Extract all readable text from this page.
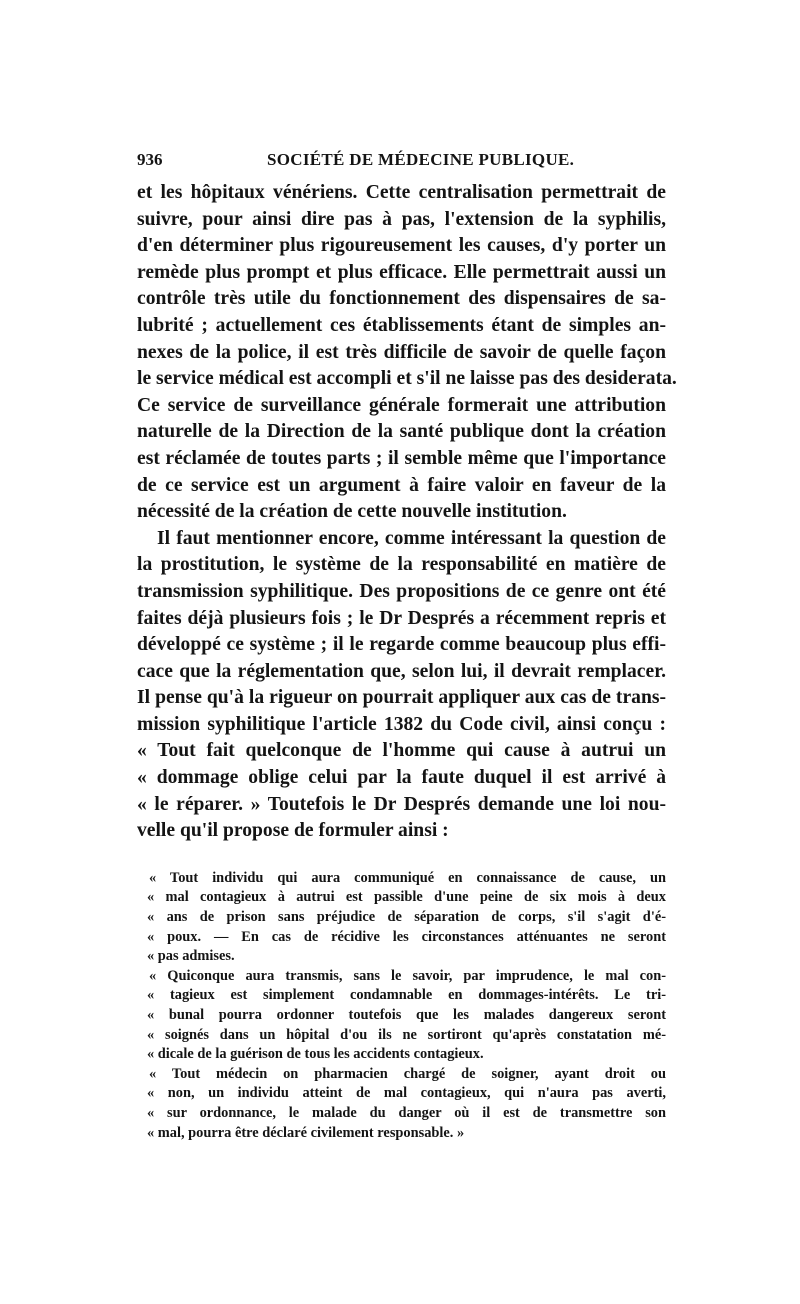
936	SOCIÉTÉ DE MÉDECINE PUBLIQUE.
et les hôpitaux vénériens. Cette centralisation permettrait de
suivre, pour ainsi dire pas à pas, l'extension de la syphilis,
d'en déterminer plus rigoureusement les causes, d'y porter un
remède plus prompt et plus efficace. Elle permettrait aussi un
contrôle très utile du fonctionnement des dispensaires de sa-
lubrité ; actuellement ces établissements étant de simples an-
nexes de la police, il est très difficile de savoir de quelle façon
le service médical est accompli et s'il ne laisse pas des desiderata.
Ce service de surveillance générale formerait une attribution
naturelle de la Direction de la santé publique dont la création
est réclamée de toutes parts ; il semble même que l'importance
de ce service est un argument à faire valoir en faveur de la
nécessité de la création de cette nouvelle institution.
Il faut mentionner encore, comme intéressant la question de
la prostitution, le système de la responsabilité en matière de
transmission syphilitique. Des propositions de ce genre ont été
faites déjà plusieurs fois ; le Dr Després a récemment repris et
développé ce système ; il le regarde comme beaucoup plus effi-
cace que la réglementation que, selon lui, il devrait remplacer.
Il pense qu'à la rigueur on pourrait appliquer aux cas de trans-
mission syphilitique l'article 1382 du Code civil, ainsi conçu :
« Tout fait quelconque de l'homme qui cause à autrui un
« dommage oblige celui par la faute duquel il est arrivé à
« le réparer. » Toutefois le Dr Després demande une loi nou-
velle qu'il propose de formuler ainsi :
« Tout individu qui aura communiqué en connaissance de cause, un
« mal contagieux à autrui est passible d'une peine de six mois à deux
« ans de prison sans préjudice de séparation de corps, s'il s'agit d'é-
« poux. — En cas de récidive les circonstances atténuantes ne seront
« pas admises.
« Quiconque aura transmis, sans le savoir, par imprudence, le mal con-
« tagieux est simplement condamnable en dommages-intérêts. Le tri-
« bunal pourra ordonner toutefois que les malades dangereux seront
« soignés dans un hôpital d'ou ils ne sortiront qu'après constatation mé-
« dicale de la guérison de tous les accidents contagieux.
« Tout médecin on pharmacien chargé de soigner, ayant droit ou
« non, un individu atteint de mal contagieux, qui n'aura pas averti,
« sur ordonnance, le malade du danger où il est de transmettre son
« mal, pourra être déclaré civilement responsable. »
